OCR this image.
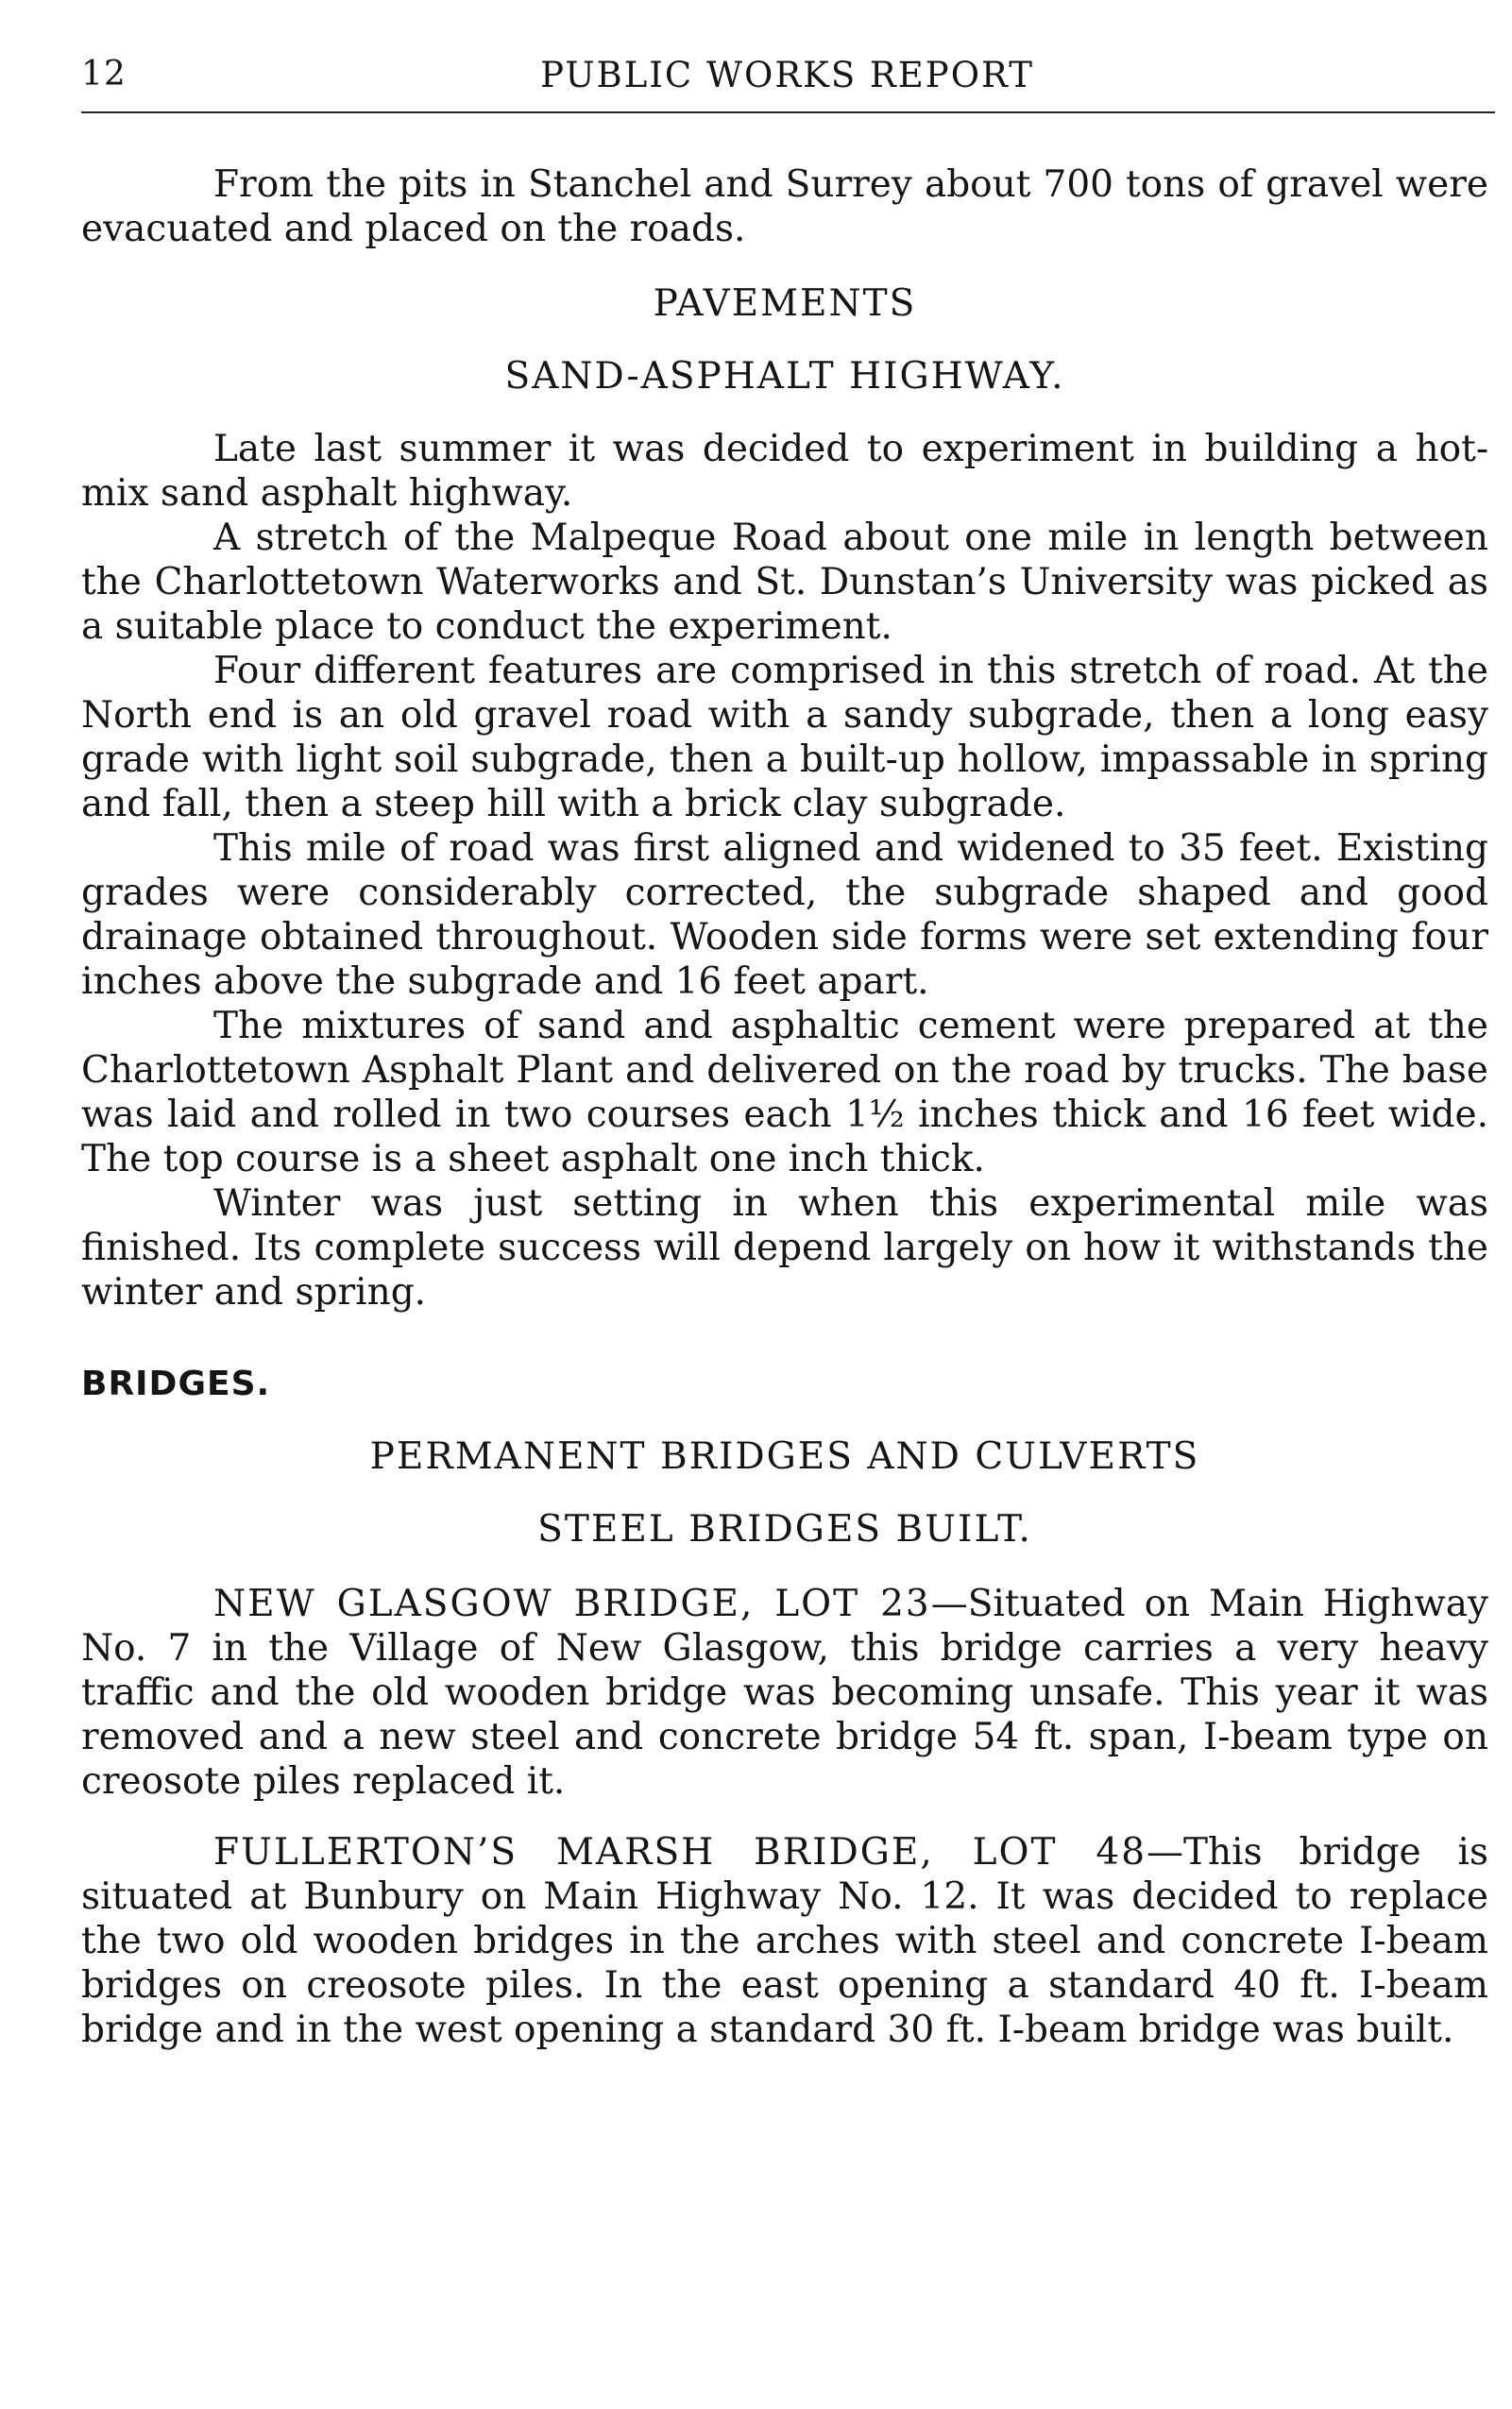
12	PUBLIC WORKS REPORT

From the pits in Stanchel and Surrey about 700 tons of gravel were evacuated and placed on the roads.

PAVEMENTS

SAND-ASPHALT HIGHWAY.

Late last summer it was decided to experiment in building a hot-mix sand asphalt highway.

A stretch of the Malpeque Road about one mile in length between the Charlottetown Waterworks and St. Dunstan’s University was picked as a suitable place to conduct the experiment.

Four different features are comprised in this stretch of road. At the North end is an old gravel road with a sandy subgrade, then a long easy grade with light soil subgrade, then a built-up hollow, impassable in spring and fall, then a steep hill with a brick clay subgrade.

This mile of road was first aligned and widened to 35 feet. Existing grades were considerably corrected, the subgrade shaped and good drainage obtained throughout. Wooden side forms were set extending four inches above the subgrade and 16 feet apart.

The mixtures of sand and asphaltic cement were prepared at the Charlottetown Asphalt Plant and delivered on the road by trucks. The base was laid and rolled in two courses each 1½ inches thick and 16 feet wide. The top course is a sheet asphalt one inch thick.

Winter was just setting in when this experimental mile was finished. Its complete success will depend largely on how it withstands the winter and spring.

BRIDGES.

PERMANENT BRIDGES AND CULVERTS

STEEL BRIDGES BUILT.

NEW GLASGOW BRIDGE, LOT 23—Situated on Main Highway No. 7 in the Village of New Glasgow, this bridge carries a very heavy traffic and the old wooden bridge was becoming unsafe. This year it was removed and a new steel and concrete bridge 54 ft. span, I-beam type on creosote piles replaced it.

FULLERTON’S MARSH BRIDGE, LOT 48—This bridge is situated at Bunbury on Main Highway No. 12. It was decided to replace the two old wooden bridges in the arches with steel and concrete I-beam bridges on creosote piles. In the east opening a standard 40 ft. I-beam bridge and in the west opening a standard 30 ft. I-beam bridge was built.
